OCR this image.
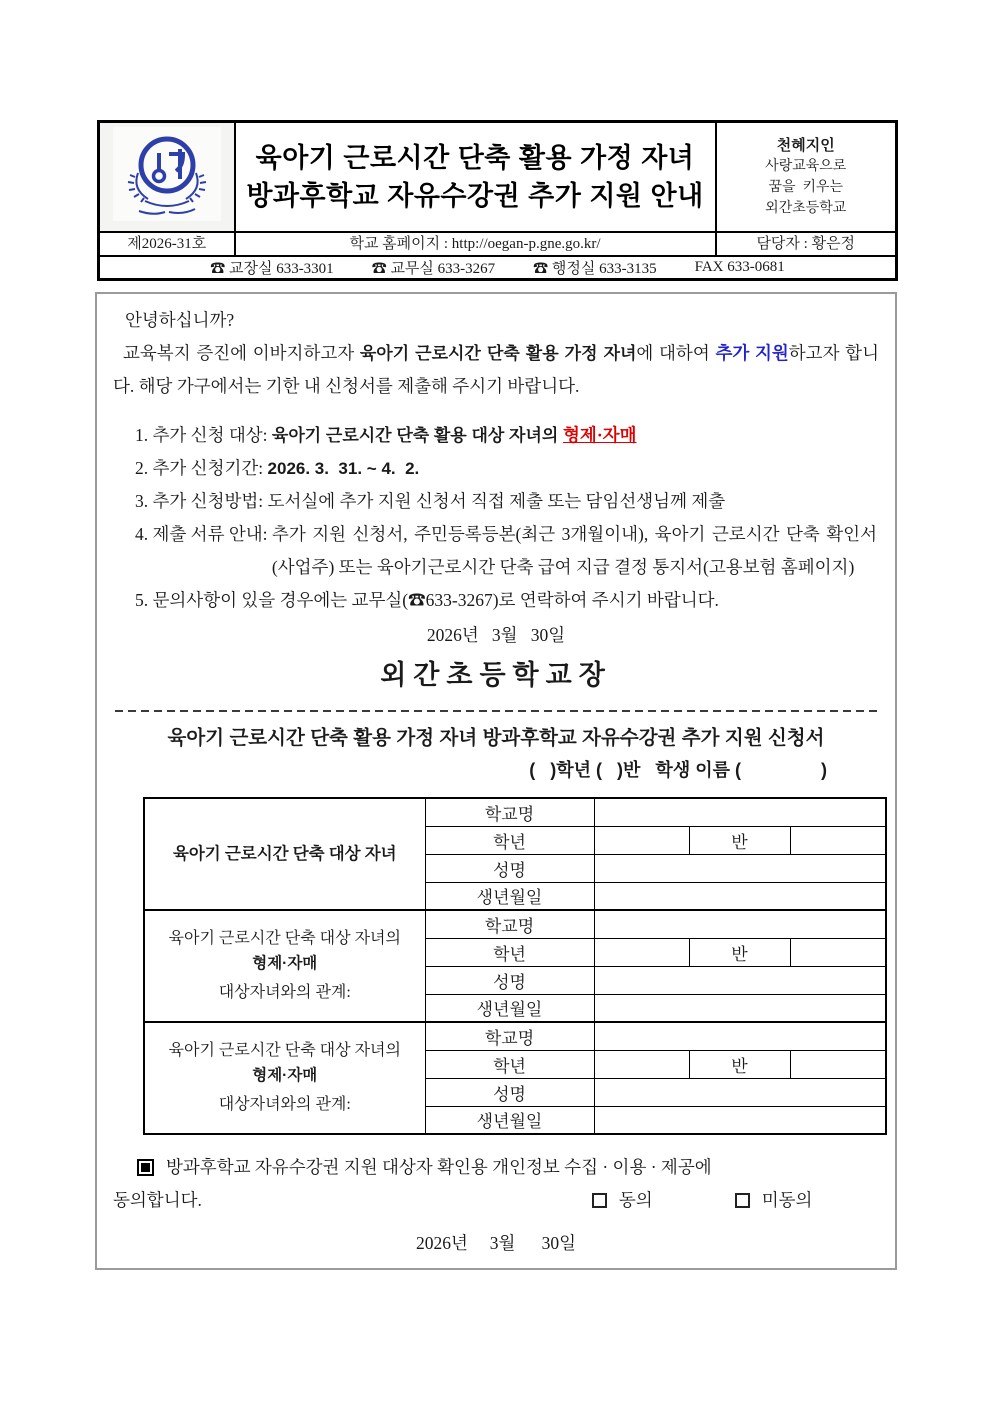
육아기 근로시간 단축 활용 가정 자녀
방과후학교 자유수강권 추가 지원 안내

천혜지인
사랑교육으로
꿈을  키우는
외간초등학교

제2026-31호	학교 홈페이지 : http://oegan-p.gne.go.kr/	담당자 : 황은정

☎ 교장실 633-3301 ☎ 교무실 633-3267 ☎ 행정실 633-3135 FAX 633-0681		
안녕하십니까?
교육복지 증진에 이바지하고자 육아기 근로시간 단축 활용 가정 자녀에 대하여 추가 지원하고자 합니다. 해당 가구에서는 기한 내 신청서를 제출해 주시기 바랍니다.
1. 추가 신청 대상: 육아기 근로시간 단축 활용 대상 자녀의 형제·자매
2. 추가 신청기간: 2026. 3.  31. ~ 4.  2.
3. 추가 신청방법: 도서실에 추가 지원 신청서 직접 제출 또는 담임선생님께 제출
4. 제출 서류 안내: 추가 지원 신청서, 주민등록등본(최근 3개월이내), 육아기 근로시간 단축 확인서(사업주) 또는 육아기근로시간 단축 급여 지급 결정 통지서(고용보험 홈페이지)
5. 문의사항이 있을 경우에는 교무실(☎633-3267)로 연락하여 주시기 바랍니다.
2026년   3월   30일
외간초등학교장
육아기 근로시간 단축 활용 가정 자녀 방과후학교 자유수강권 추가 지원 신청서
(   )학년 (   )반   학생 이름 (                )
육아기 근로시간 단축 대상 자녀	학교명			
	학년		반	
	성명			
	생년월일			

육아기 근로시간 단축 대상 자녀의
형제·자매
대상자녀와의 관계:	학교명			
	학년		반	
	성명			
	생년월일			

육아기 근로시간 단축 대상 자녀의
형제·자매
대상자녀와의 관계:	학교명			
	학년		반	
	성명			
	생년월일			
방과후학교 자유수강권 지원 대상자 확인용 개인정보 수집 · 이용 · 제공에
동의합니다.	동의	미동의
2026년     3월      30일
